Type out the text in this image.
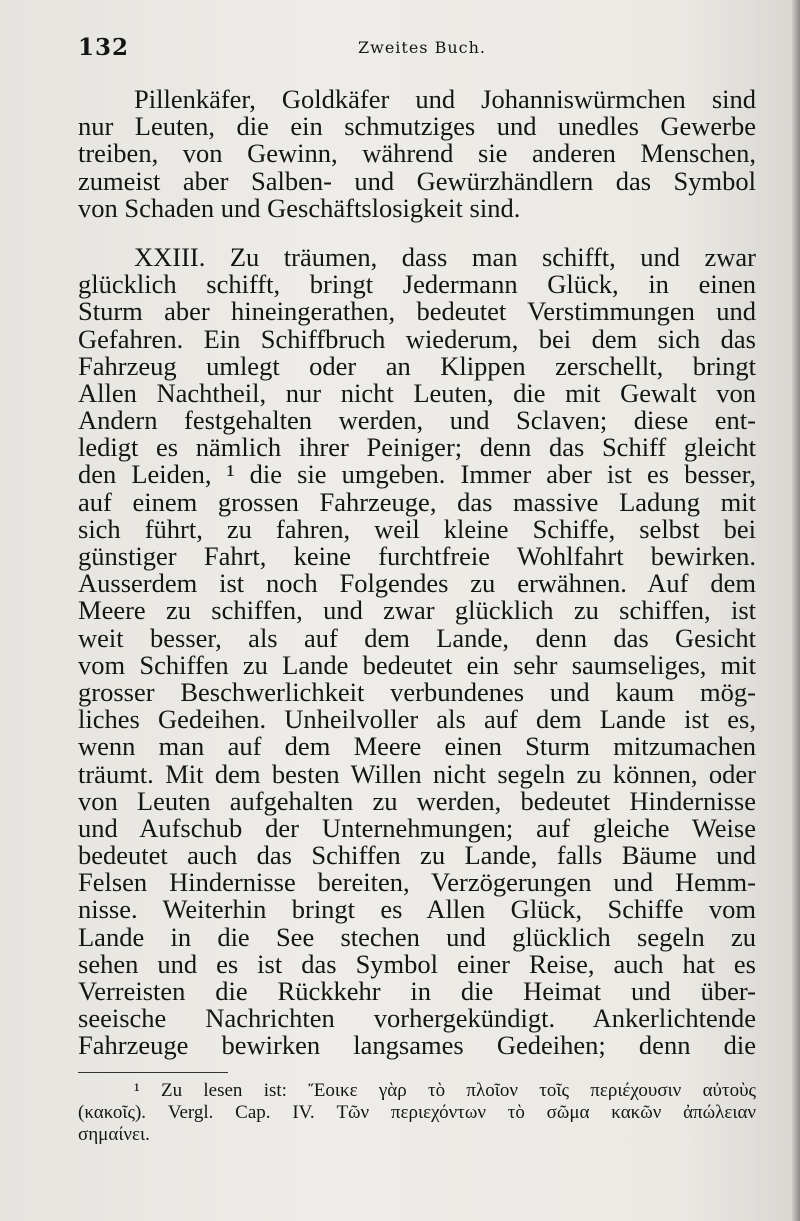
132	Zweites Buch.
Pillenkäfer, Goldkäfer und Johanniswürmchen sind
nur Leuten, die ein schmutziges und unedles Gewerbe
treiben, von Gewinn, während sie anderen Menschen,
zumeist aber Salben- und Gewürzhändlern das Symbol
von Schaden und Geschäftslosigkeit sind.
XXIII. Zu träumen, dass man schifft, und zwar
glücklich schifft, bringt Jedermann Glück, in einen
Sturm aber hineingerathen, bedeutet Verstimmungen und
Gefahren. Ein Schiffbruch wiederum, bei dem sich das
Fahrzeug umlegt oder an Klippen zerschellt, bringt
Allen Nachtheil, nur nicht Leuten, die mit Gewalt von
Andern festgehalten werden, und Sclaven; diese ent-
ledigt es nämlich ihrer Peiniger; denn das Schiff gleicht
den Leiden, ¹ die sie umgeben. Immer aber ist es besser,
auf einem grossen Fahrzeuge, das massive Ladung mit
sich führt, zu fahren, weil kleine Schiffe, selbst bei
günstiger Fahrt, keine furchtfreie Wohlfahrt bewirken.
Ausserdem ist noch Folgendes zu erwähnen. Auf dem
Meere zu schiffen, und zwar glücklich zu schiffen, ist
weit besser, als auf dem Lande, denn das Gesicht
vom Schiffen zu Lande bedeutet ein sehr saumseliges, mit
grosser Beschwerlichkeit verbundenes und kaum mög-
liches Gedeihen. Unheilvoller als auf dem Lande ist es,
wenn man auf dem Meere einen Sturm mitzumachen
träumt. Mit dem besten Willen nicht segeln zu können, oder
von Leuten aufgehalten zu werden, bedeutet Hindernisse
und Aufschub der Unternehmungen; auf gleiche Weise
bedeutet auch das Schiffen zu Lande, falls Bäume und
Felsen Hindernisse bereiten, Verzögerungen und Hemm-
nisse. Weiterhin bringt es Allen Glück, Schiffe vom
Lande in die See stechen und glücklich segeln zu
sehen und es ist das Symbol einer Reise, auch hat es
Verreisten die Rückkehr in die Heimat und über-
seeische Nachrichten vorhergekündigt. Ankerlichtende
Fahrzeuge bewirken langsames Gedeihen; denn die
¹ Zu lesen ist: Ἔοικε γὰρ τὸ πλοῖον τοῖς περιέχουσιν αὐτοὺς
(κακοῖς). Vergl. Cap. IV. Τῶν περιεχόντων τὸ σῶμα κακῶν ἀπώλειαν
σημαίνει.
